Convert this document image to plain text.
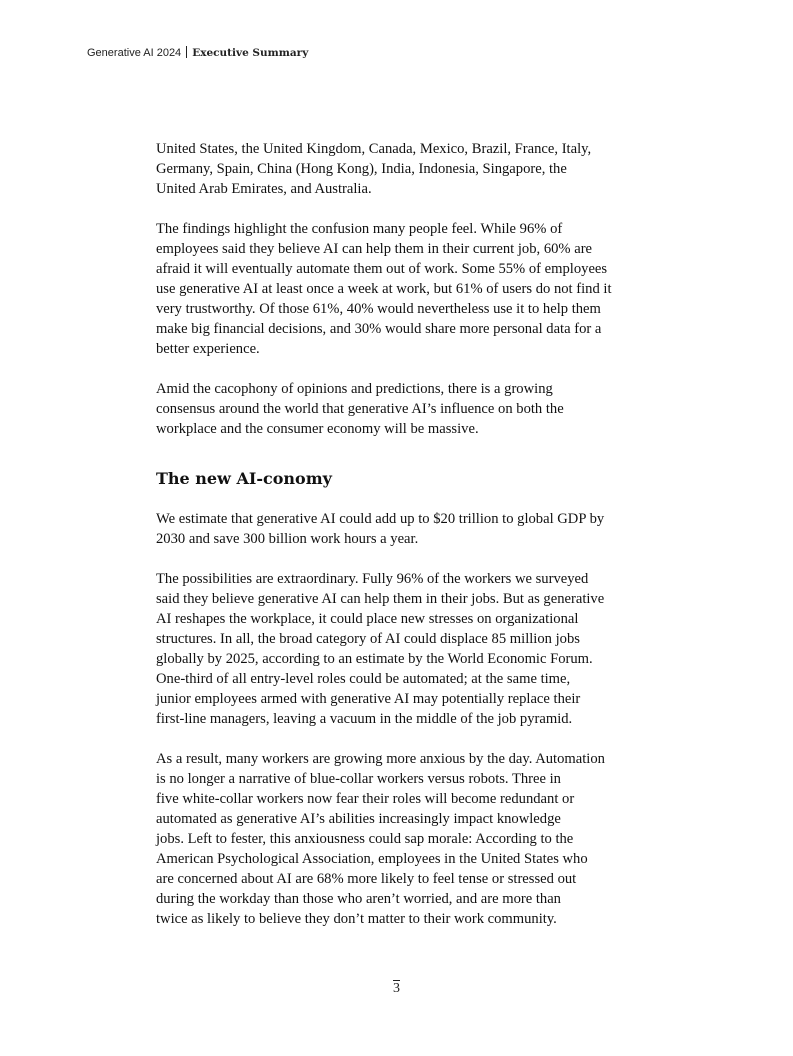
Generative AI 2024 Executive Summary

United States, the United Kingdom, Canada, Mexico, Brazil, France, Italy,
Germany, Spain, China (Hong Kong), India, Indonesia, Singapore, the
United Arab Emirates, and Australia.

The findings highlight the confusion many people feel. While 96% of
employees said they believe AI can help them in their current job, 60% are
afraid it will eventually automate them out of work. Some 55% of employees
use generative AI at least once a week at work, but 61% of users do not find it
very trustworthy. Of those 61%, 40% would nevertheless use it to help them
make big financial decisions, and 30% would share more personal data for a
better experience.

Amid the cacophony of opinions and predictions, there is a growing
consensus around the world that generative AI’s influence on both the
workplace and the consumer economy will be massive.

The new AI-conomy

We estimate that generative AI could add up to $20 trillion to global GDP by
2030 and save 300 billion work hours a year.

The possibilities are extraordinary. Fully 96% of the workers we surveyed
said they believe generative AI can help them in their jobs. But as generative
AI reshapes the workplace, it could place new stresses on organizational
structures. In all, the broad category of AI could displace 85 million jobs
globally by 2025, according to an estimate by the World Economic Forum.
One-third of all entry-level roles could be automated; at the same time,
junior employees armed with generative AI may potentially replace their
first-line managers, leaving a vacuum in the middle of the job pyramid.

As a result, many workers are growing more anxious by the day. Automation
is no longer a narrative of blue-collar workers versus robots. Three in
five white-collar workers now fear their roles will become redundant or
automated as generative AI’s abilities increasingly impact knowledge
jobs. Left to fester, this anxiousness could sap morale: According to the
American Psychological Association, employees in the United States who
are concerned about AI are 68% more likely to feel tense or stressed out
during the workday than those who aren’t worried, and are more than
twice as likely to believe they don’t matter to their work community.

3
